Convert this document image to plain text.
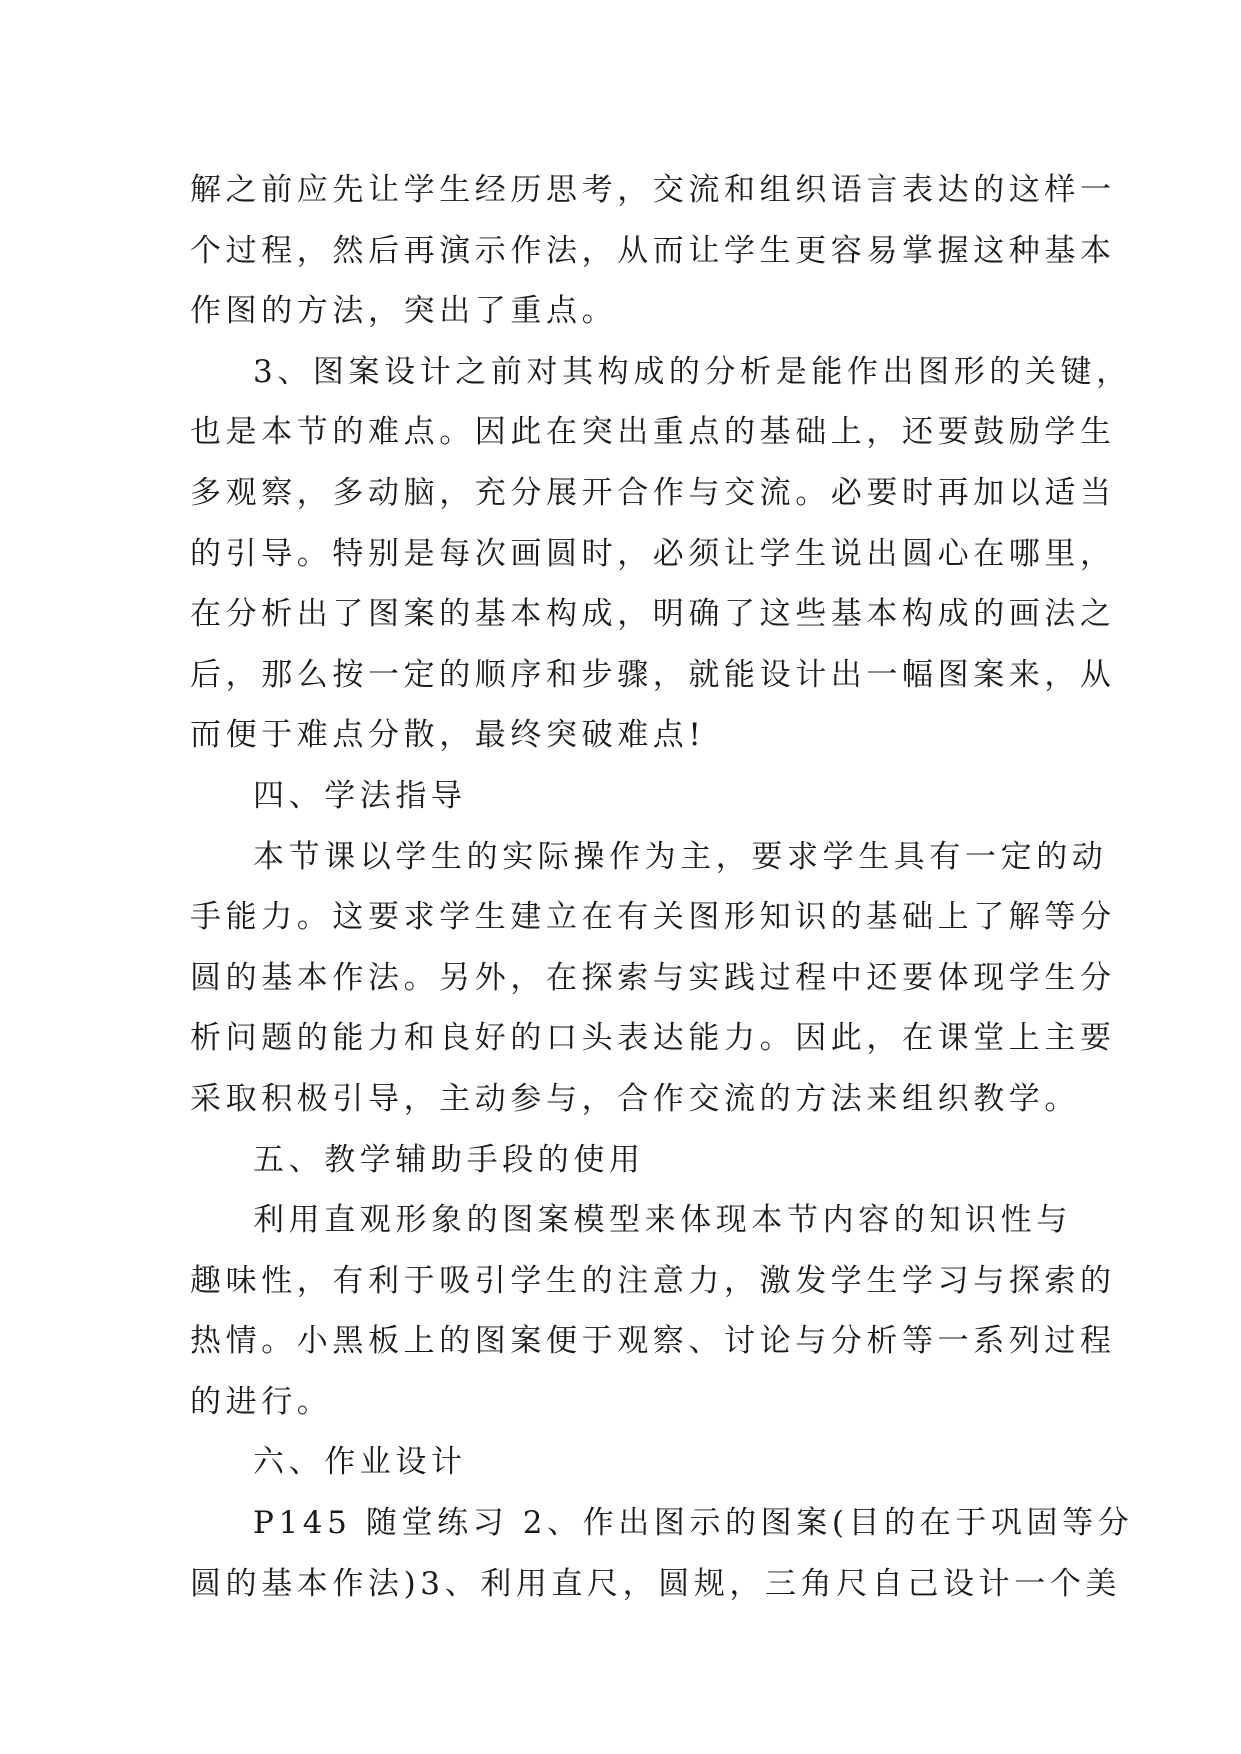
解之前应先让学生经历思考，交流和组织语言表达的这样一
个过程，然后再演示作法，从而让学生更容易掌握这种基本
作图的方法，突出了重点。
3、图案设计之前对其构成的分析是能作出图形的关键，
也是本节的难点。因此在突出重点的基础上，还要鼓励学生
多观察，多动脑，充分展开合作与交流。必要时再加以适当
的引导。特别是每次画圆时，必须让学生说出圆心在哪里，
在分析出了图案的基本构成，明确了这些基本构成的画法之
后，那么按一定的顺序和步骤，就能设计出一幅图案来，从
而便于难点分散，最终突破难点!
四、学法指导
本节课以学生的实际操作为主，要求学生具有一定的动
手能力。这要求学生建立在有关图形知识的基础上了解等分
圆的基本作法。另外，在探索与实践过程中还要体现学生分
析问题的能力和良好的口头表达能力。因此，在课堂上主要
采取积极引导，主动参与，合作交流的方法来组织教学。
五、教学辅助手段的使用
利用直观形象的图案模型来体现本节内容的知识性与
趣味性，有利于吸引学生的注意力，激发学生学习与探索的
热情。小黑板上的图案便于观察、讨论与分析等一系列过程
的进行。
六、作业设计
P145 随堂练习 2、作出图示的图案(目的在于巩固等分
圆的基本作法)3、利用直尺，圆规，三角尺自己设计一个美
